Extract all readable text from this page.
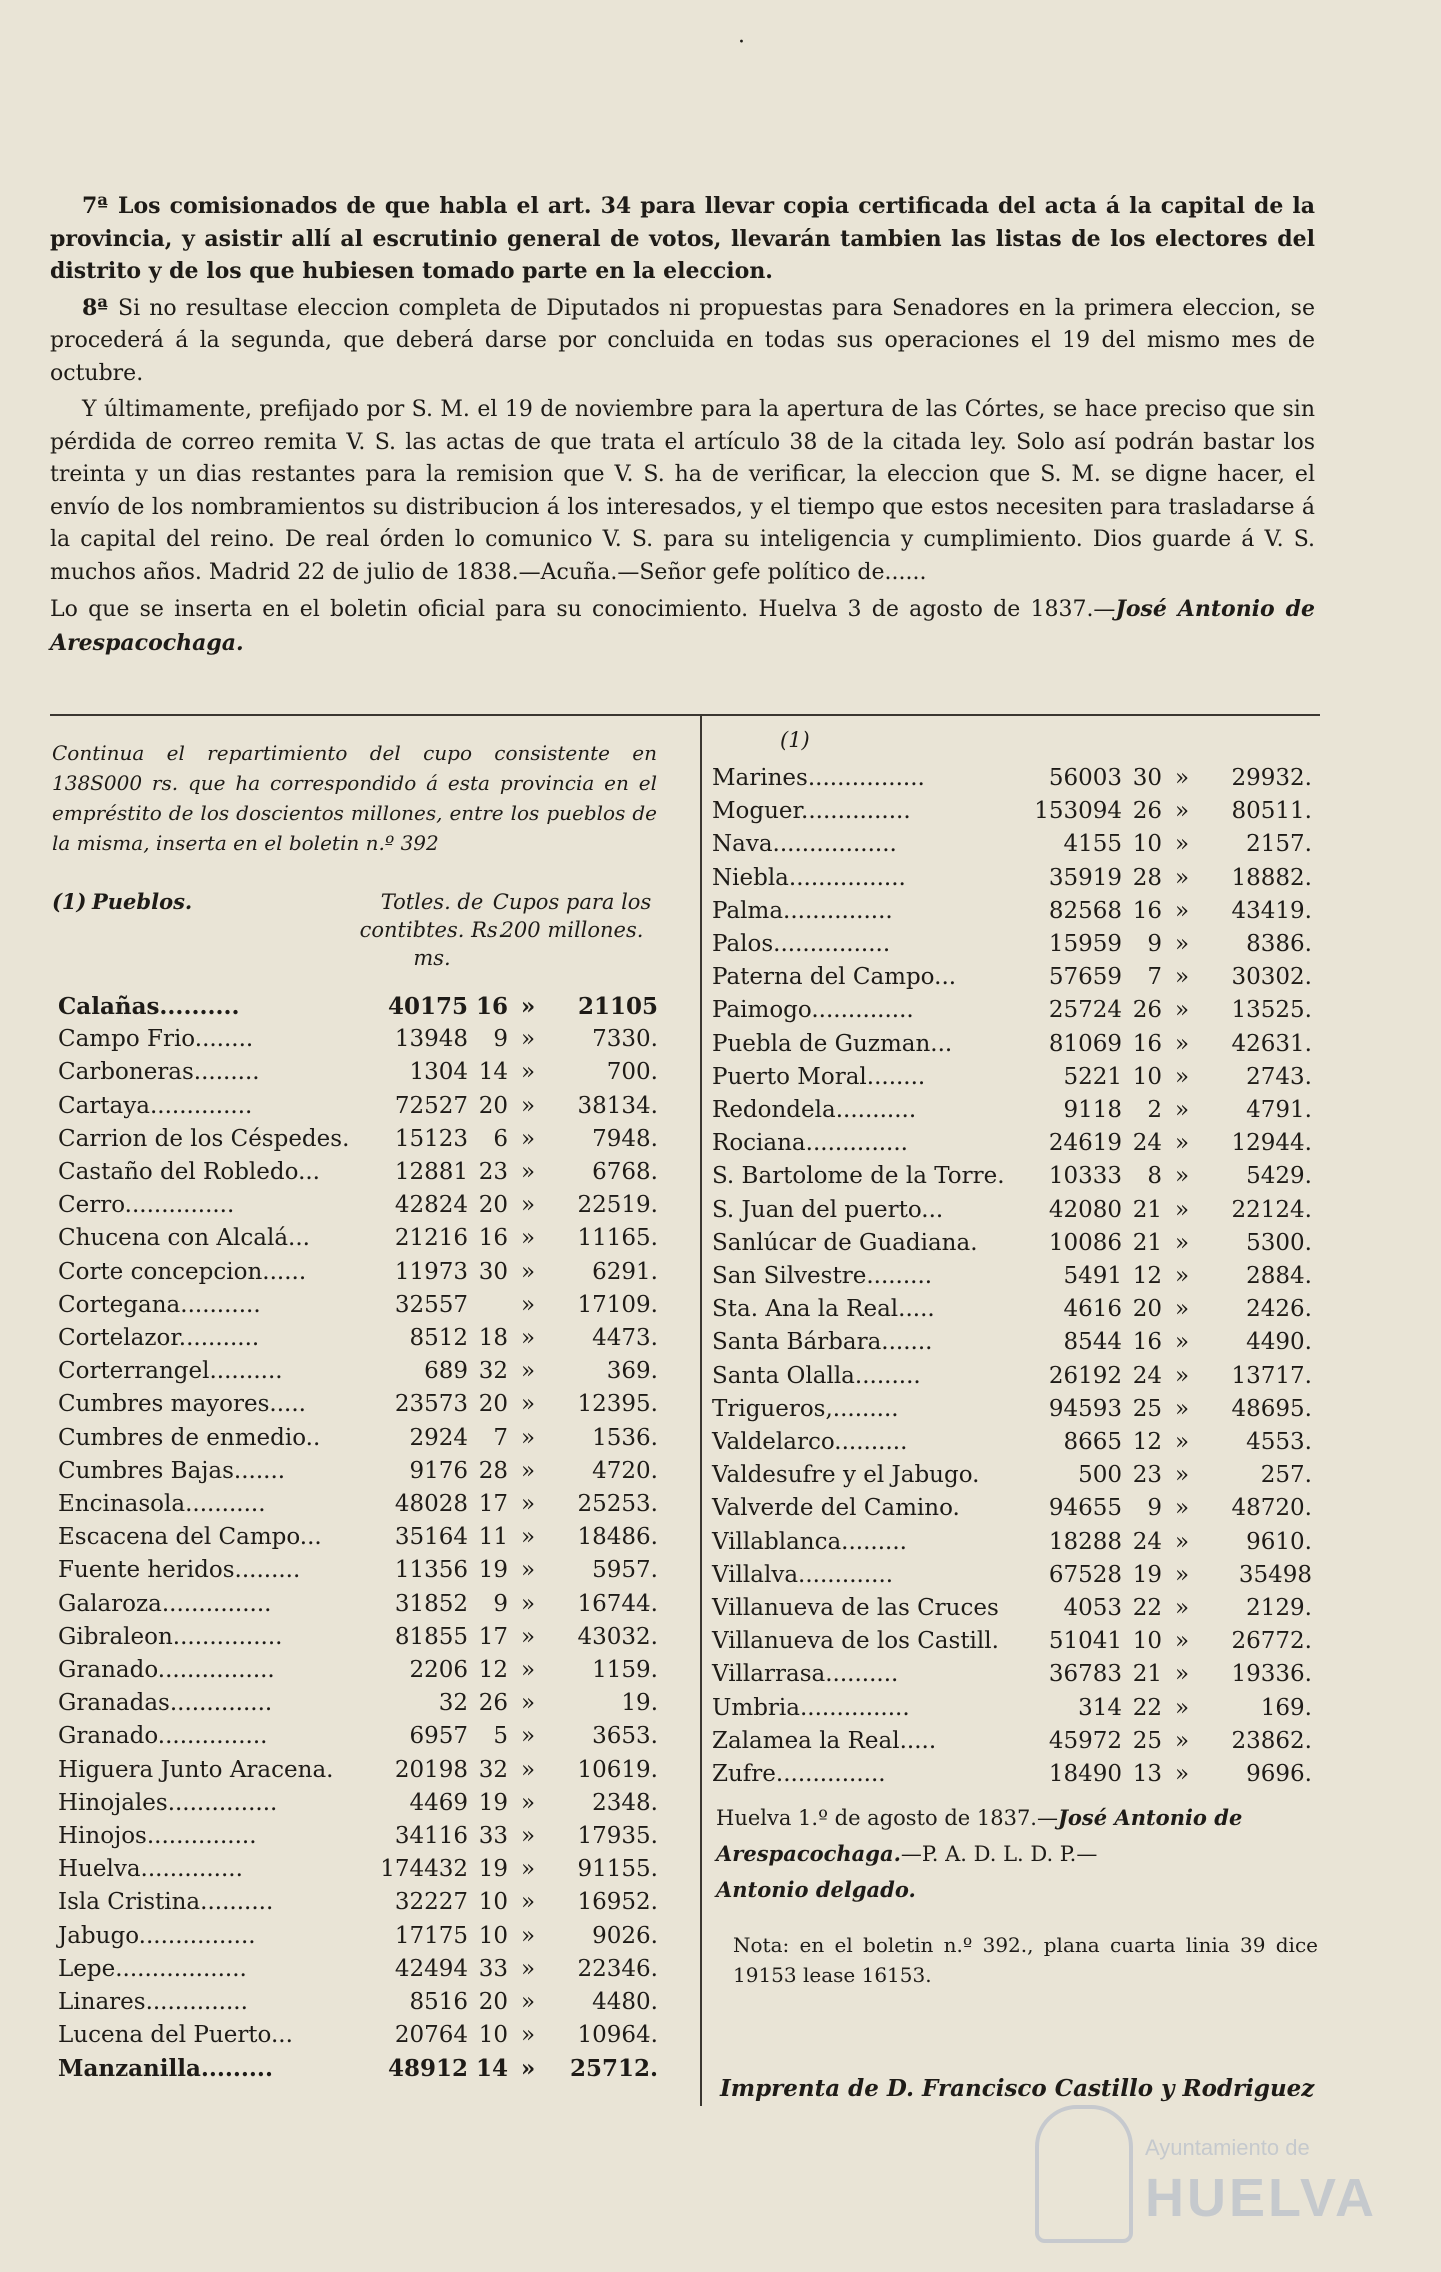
·

7ª Los comisionados de que habla el art. 34 para llevar copia certificada del acta á la capital de la provincia, y asistir allí al escrutinio general de votos, llevarán tambien las listas de los electores del distrito y de los que hubiesen tomado parte en la eleccion.

8ª Si no resultase eleccion completa de Diputados ni propuestas para Senadores en la primera eleccion, se procederá á la segunda, que deberá darse por concluida en todas sus operaciones el 19 del mismo mes de octubre.

Y últimamente, prefijado por S. M. el 19 de noviembre para la apertura de las Córtes, se hace preciso que sin pérdida de correo remita V. S. las actas de que trata el artículo 38 de la citada ley. Solo así podrán bastar los treinta y un dias restantes para la remision que V. S. ha de verificar, la eleccion que S. M. se digne hacer, el envío de los nombramientos su distribucion á los interesados, y el tiempo que estos necesiten para trasladarse á la capital del reino. De real órden lo comunico V. S. para su inteligencia y cumplimiento. Dios guarde á V. S. muchos años. Madrid 22 de julio de 1838.—Acuña.—Señor gefe político de......

Lo que se inserta en el boletin oficial para su conocimiento. Huelva 3 de agosto de 1837.—José Antonio de Arespacochaga.

Continua el repartimiento del cupo consistente en 138S000 rs. que ha correspondido á esta provincia en el empréstito de los doscientos millones, entre los pueblos de la misma, inserta en el boletin n.º 392
(1) Pueblos.	Totles. de contibtes. Rs. ms.
Cupos para los 200 millones.
Calañas..........	40175 16 »	21105
Campo Frio........	13948	9 »	7330.
Carboneras.........	1304 14 »	700.
Cartaya..............	72527 20 »	38134.
Carrion de los Céspedes.	15123	6 »	7948.
Castaño del Robledo...	12881 23 »	6768.
Cerro...............	42824 20 »	22519.
Chucena con Alcalá...	21216 16 »	11165.
Corte concepcion......	11973 30 »	6291.
Cortegana...........	32557	»	17109.
Cortelazor...........	8512 18 »	4473.
Corterrangel..........	689 32 »	369.
Cumbres mayores.....	23573 20 »	12395.
Cumbres de enmedio..	2924	7 »	1536.
Cumbres Bajas.......	9176 28 »	4720.
Encinasola...........	48028 17 »	25253.
Escacena del Campo...	35164 11 »	18486.
Fuente heridos.........	11356 19 »	5957.
Galaroza...............	31852	9 »	16744.
Gibraleon...............	81855 17 »	43032.
Granado................	2206 12 »	1159.
Granadas..............	32 26 »	19.
Granado...............	6957	5 »	3653.
Higuera Junto Aracena.	20198 32 »	10619.
Hinojales...............	4469 19 »	2348.
Hinojos...............	34116 33 »	17935.
Huelva..............	174432 19 »	91155.
Isla Cristina..........	32227 10 »	16952.
Jabugo................	17175 10 »	9026.
Lepe..................	42494 33 »	22346.
Linares..............	8516 20 »	4480.
Lucena del Puerto...	20764 10 »	10964.
Manzanilla.........	48912 14 »	25712.
(1)
Marines................	56003 30 »	29932.
Moguer...............	153094 26 »	80511.
Nava.................	4155 10 »	2157.
Niebla................	35919 28 »	18882.
Palma...............	82568 16 »	43419.
Palos................	15959	9 »	8386.
Paterna del Campo...	57659	7 »	30302.
Paimogo..............	25724 26 »	13525.
Puebla de Guzman...	81069 16 »	42631.
Puerto Moral........	5221 10 »	2743.
Redondela...........	9118	2 »	4791.
Rociana..............	24619 24 »	12944.
S. Bartolome de la Torre.	10333	8 »	5429.
S. Juan del puerto...	42080 21 »	22124.
Sanlúcar de Guadiana.	10086 21 »	5300.
San Silvestre.........	5491 12 »	2884.
Sta. Ana la Real.....	4616 20 »	2426.
Santa Bárbara.......	8544 16 »	4490.
Santa Olalla.........	26192 24 »	13717.
Trigueros,.........	94593 25 »	48695.
Valdelarco..........	8665 12 »	4553.
Valdesufre y el Jabugo.	500 23 »	257.
Valverde del Camino.	94655	9 »	48720.
Villablanca.........	18288 24 »	9610.
Villalva.............	67528 19 »	35498
Villanueva de las Cruces	4053 22 »	2129.
Villanueva de los Castill.	51041 10 »	26772.
Villarrasa..........	36783 21 »	19336.
Umbria...............	314 22 »	169.
Zalamea la Real.....	45972 25 »	23862.
Zufre...............	18490 13 »	9696.
Huelva 1.º de agosto de 1837.—José Antonio de Arespacochaga.—P. A. D. L. D. P.—
Antonio delgado.
Nota: en el boletin n.º 392., plana cuarta linia 39 dice 19153 lease 16153.
Imprenta de D. Francisco Castillo y Rodriguez
Ayuntamiento de
HUELVA
